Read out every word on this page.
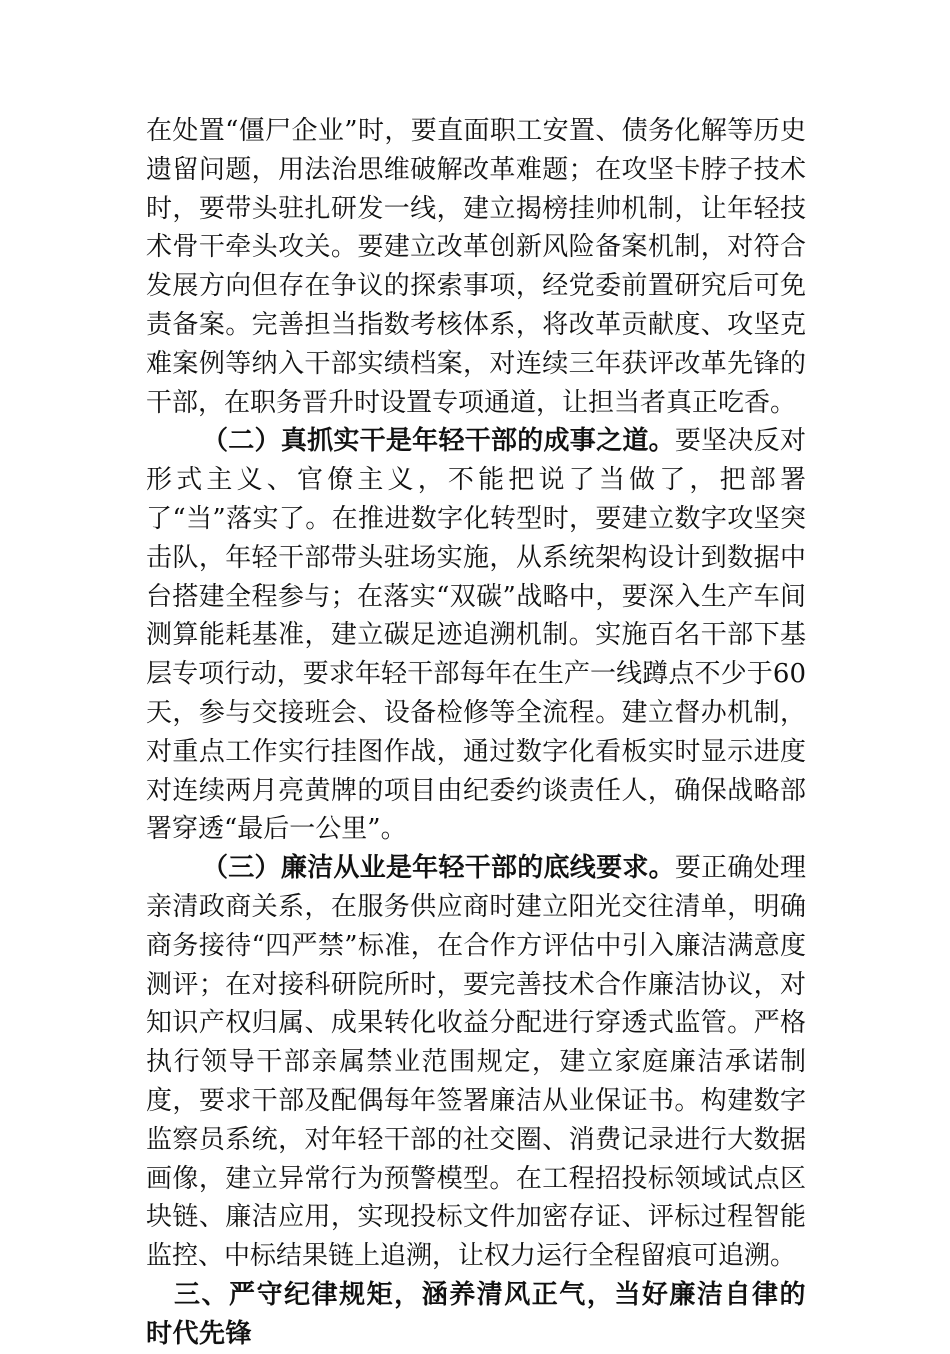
在处置“僵尸企业”时，要直面职工安置、债务化解等历史遗留问题，用法治思维破解改革难题；在攻坚卡脖子技术时，要带头驻扎研发一线，建立揭榜挂帅机制，让年轻技术骨干牵头攻关。要建立改革创新风险备案机制，对符合发展方向但存在争议的探索事项，经党委前置研究后可免责备案。完善担当指数考核体系，将改革贡献度、攻坚克难案例等纳入干部实绩档案，对连续三年获评改革先锋的干部，在职务晋升时设置专项通道，让担当者真正吃香。

（二）真抓实干是年轻干部的成事之道。要坚决反对形式主义、官僚主义，不能把说了当做了，把部署了“当”落实了。在推进数字化转型时，要建立数字攻坚突击队，年轻干部带头驻场实施，从系统架构设计到数据中台搭建全程参与；在落实“双碳”战略中，要深入生产车间测算能耗基准，建立碳足迹追溯机制。实施百名干部下基层专项行动，要求年轻干部每年在生产一线蹲点不少于60天，参与交接班会、设备检修等全流程。建立督办机制，对重点工作实行挂图作战，通过数字化看板实时显示进度对连续两月亮黄牌的项目由纪委约谈责任人，确保战略部署穿透“最后一公里”。

（三）廉洁从业是年轻干部的底线要求。要正确处理亲清政商关系，在服务供应商时建立阳光交往清单，明确商务接待“四严禁”标准，在合作方评估中引入廉洁满意度测评；在对接科研院所时，要完善技术合作廉洁协议，对知识产权归属、成果转化收益分配进行穿透式监管。严格执行领导干部亲属禁业范围规定，建立家庭廉洁承诺制度，要求干部及配偶每年签署廉洁从业保证书。构建数字监察员系统，对年轻干部的社交圈、消费记录进行大数据画像，建立异常行为预警模型。在工程招投标领域试点区块链、廉洁应用，实现投标文件加密存证、评标过程智能监控、中标结果链上追溯，让权力运行全程留痕可追溯。

三、严守纪律规矩，涵养清风正气，当好廉洁自律的时代先锋
